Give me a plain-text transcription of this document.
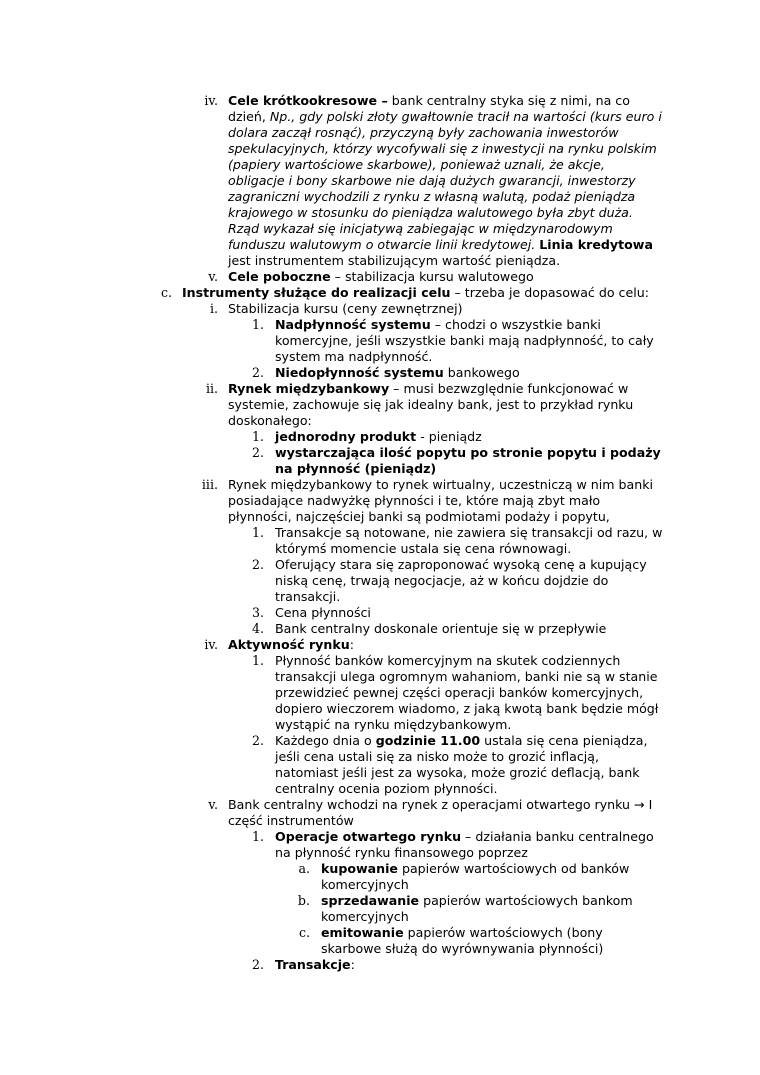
iv. Cele krótkookresowe – bank centralny styka się z nimi, na co
dzień, Np., gdy polski złoty gwałtownie tracił na wartości (kurs euro i
dolara zaczął rosnąć), przyczyną były zachowania inwestorów
spekulacyjnych, którzy wycofywali się z inwestycji na rynku polskim
(papiery wartościowe skarbowe), ponieważ uznali, że akcje,
obligacje i bony skarbowe nie dają dużych gwarancji, inwestorzy
zagraniczni wychodzili z rynku z własną walutą, podaż pieniądza
krajowego w stosunku do pieniądza walutowego była zbyt duża.
Rząd wykazał się inicjatywą zabiegając w międzynarodowym
funduszu walutowym o otwarcie linii kredytowej. Linia kredytowa
jest instrumentem stabilizującym wartość pieniądza.
v. Cele poboczne – stabilizacja kursu walutowego
c. Instrumenty służące do realizacji celu – trzeba je dopasować do celu:
i. Stabilizacja kursu (ceny zewnętrznej)
1. Nadpłynność systemu – chodzi o wszystkie banki
komercyjne, jeśli wszystkie banki mają nadpłynność, to cały
system ma nadpłynność.
2. Niedopłynność systemu bankowego
ii. Rynek międzybankowy – musi bezwzględnie funkcjonować w
systemie, zachowuje się jak idealny bank, jest to przykład rynku
doskonałego:
1. jednorodny produkt - pieniądz
2. wystarczająca ilość popytu po stronie popytu i podaży
na płynność (pieniądz)
iii. Rynek międzybankowy to rynek wirtualny, uczestniczą w nim banki
posiadające nadwyżkę płynności i te, które mają zbyt mało
płynności, najczęściej banki są podmiotami podaży i popytu,
1. Transakcje są notowane, nie zawiera się transakcji od razu, w
którymś momencie ustala się cena równowagi.
2. Oferujący stara się zaproponować wysoką cenę a kupujący
niską cenę, trwają negocjacje, aż w końcu dojdzie do
transakcji.
3. Cena płynności
4. Bank centralny doskonale orientuje się w przepływie
iv. Aktywność rynku:
1. Płynność banków komercyjnym na skutek codziennych
transakcji ulega ogromnym wahaniom, banki nie są w stanie
przewidzieć pewnej części operacji banków komercyjnych,
dopiero wieczorem wiadomo, z jaką kwotą bank będzie mógł
wystąpić na rynku międzybankowym.
2. Każdego dnia o godzinie 11.00 ustala się cena pieniądza,
jeśli cena ustali się za nisko może to grozić inflacją,
natomiast jeśli jest za wysoka, może grozić deflacją, bank
centralny ocenia poziom płynności.
v. Bank centralny wchodzi na rynek z operacjami otwartego rynku → I
część instrumentów
1. Operacje otwartego rynku – działania banku centralnego
na płynność rynku finansowego poprzez
a. kupowanie papierów wartościowych od banków
komercyjnych
b. sprzedawanie papierów wartościowych bankom
komercyjnych
c. emitowanie papierów wartościowych (bony
skarbowe służą do wyrównywania płynności)
2. Transakcje:
